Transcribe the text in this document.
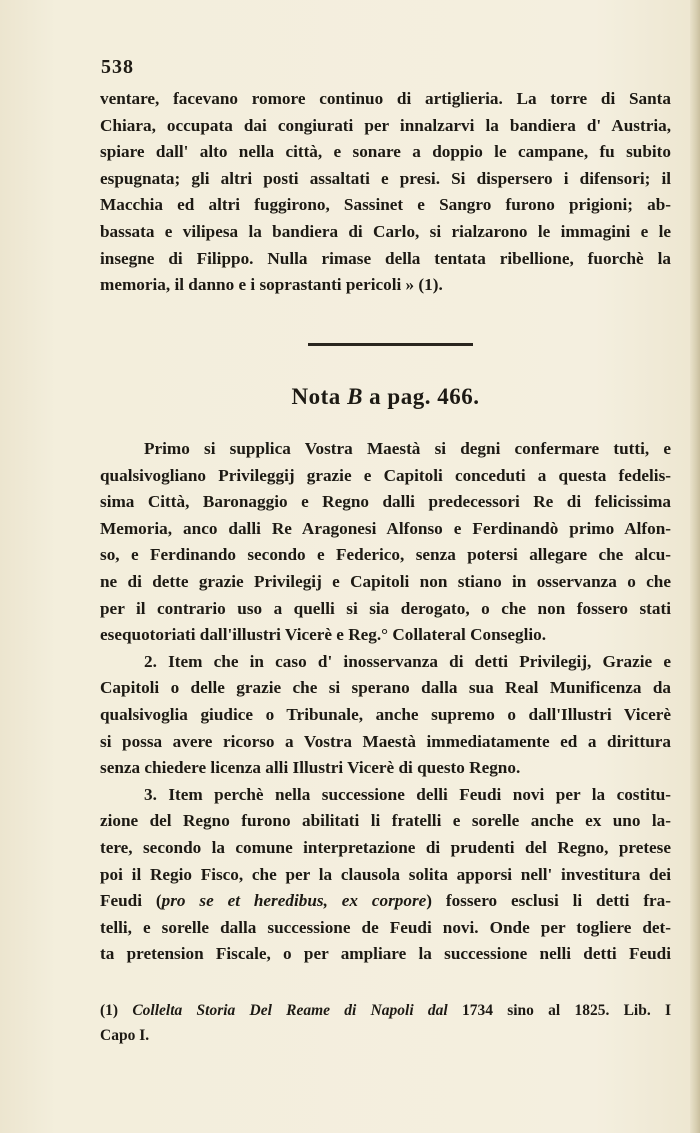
538
ventare, facevano romore continuo di artiglieria. La torre di Santa
Chiara, occupata dai congiurati per innalzarvi la bandiera d' Austria,
spiare dall' alto nella città, e sonare a doppio le campane, fu subito
espugnata; gli altri posti assaltati e presi. Si dispersero i difensori; il
Macchia ed altri fuggirono, Sassinet e Sangro furono prigioni; ab-
bassata e vilipesa la bandiera di Carlo, si rialzarono le immagini e le
insegne di Filippo. Nulla rimase della tentata ribellione, fuorchè la
memoria, il danno e i soprastanti pericoli » (1).
Nota B a pag. 466.
Primo si supplica Vostra Maestà si degni confermare tutti, e
qualsivogliano Privileggij grazie e Capitoli conceduti a questa fedelis-
sima Città, Baronaggio e Regno dalli predecessori Re di felicissima
Memoria, anco dalli Re Aragonesi Alfonso e Ferdinandò primo Alfon-
so, e Ferdinando secondo e Federico, senza potersi allegare che alcu-
ne di dette grazie Privilegij e Capitoli non stiano in osservanza o che
per il contrario uso a quelli si sia derogato, o che non fossero stati
esequotoriati dall'illustri Vicerè e Reg.° Collateral Conseglio.
2. Item che in caso d' inosservanza di detti Privilegij, Grazie e
Capitoli o delle grazie che si sperano dalla sua Real Munificenza da
qualsivoglia giudice o Tribunale, anche supremo o dall'Illustri Vicerè
si possa avere ricorso a Vostra Maestà immediatamente ed a dirittura
senza chiedere licenza alli Illustri Vicerè di questo Regno.
3. Item perchè nella successione delli Feudi novi per la costitu-
zione del Regno furono abilitati li fratelli e sorelle anche ex uno la-
tere, secondo la comune interpretazione di prudenti del Regno, pretese
poi il Regio Fisco, che per la clausola solita apporsi nell' investitura dei
Feudi (pro se et heredibus, ex corpore) fossero esclusi li detti fra-
telli, e sorelle dalla successione de Feudi novi. Onde per togliere det-
ta pretension Fiscale, o per ampliare la successione nelli detti Feudi
(1) Collelta Storia Del Reame di Napoli dal 1734 sino al 1825. Lib. I
Capo I.
